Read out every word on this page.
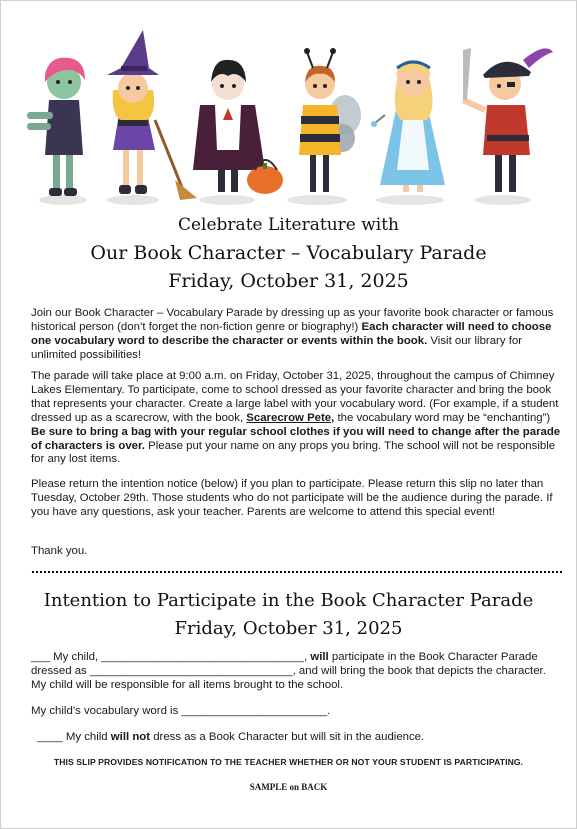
Celebrate Literature with
Our Book Character – Vocabulary Parade
Friday, October 31, 2025

Join our Book Character – Vocabulary Parade by dressing up as your favorite book character or famous historical person (don’t forget the non-fiction genre or biography!) Each character will need to choose one vocabulary word to describe the character or events within the book. Visit our library for unlimited possibilities!

The parade will take place at 9:00 a.m. on Friday, October 31, 2025, throughout the campus of Chimney Lakes Elementary. To participate, come to school dressed as your favorite character and bring the book that represents your character. Create a large label with your vocabulary word. (For example, if a student dressed up as a scarecrow, with the book, Scarecrow Pete, the vocabulary word may be “enchanting”) Be sure to bring a bag with your regular school clothes if you will need to change after the parade of characters is over. Please put your name on any props you bring. The school will not be responsible for any lost items.

Please return the intention notice (below) if you plan to participate. Please return this slip no later than Tuesday, October 29th. Those students who do not participate will be the audience during the parade. If you have any questions, ask your teacher. Parents are welcome to attend this special event!

Thank you.

Intention to Participate in the Book Character Parade
Friday, October 31, 2025

___ My child, ________________________________, will participate in the Book Character Parade dressed as ________________________________, and will bring the book that depicts the character. My child will be responsible for all items brought to the school.

My child’s vocabulary word is _______________________.

____ My child will not dress as a Book Character but will sit in the audience.

THIS SLIP PROVIDES NOTIFICATION TO THE TEACHER WHETHER OR NOT YOUR STUDENT IS PARTICIPATING.
SAMPLE on BACK
